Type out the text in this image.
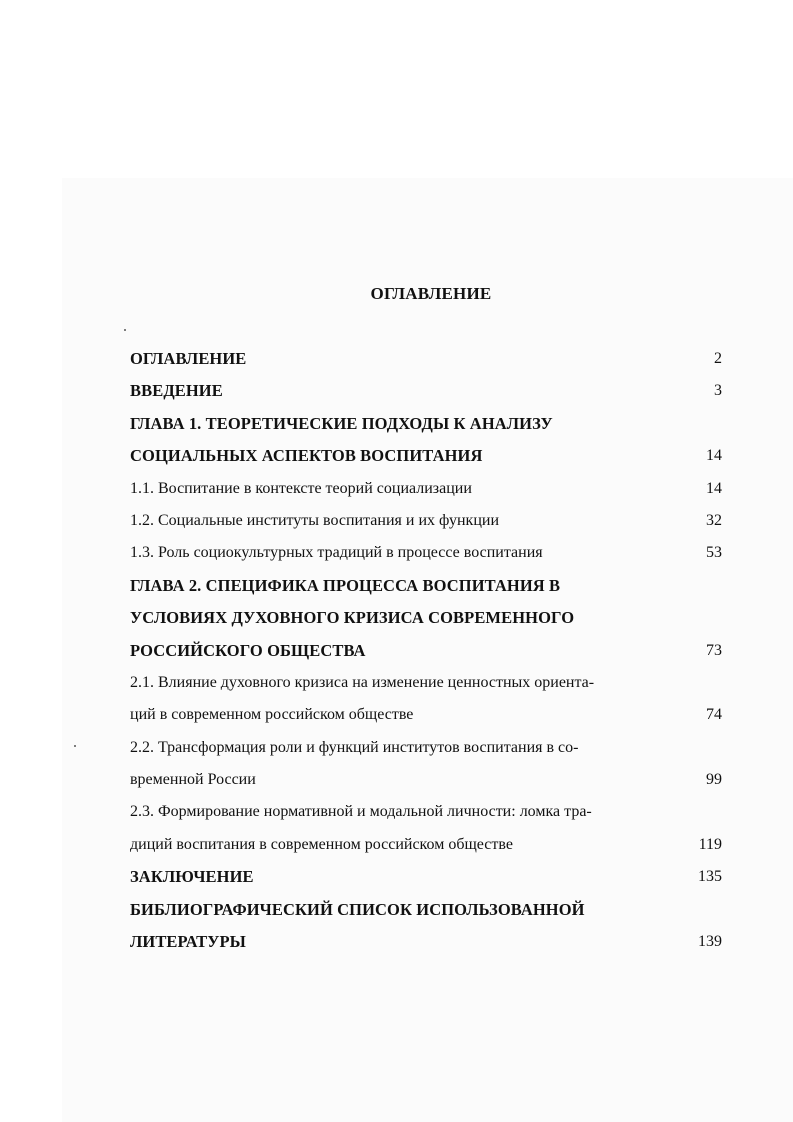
ОГЛАВЛЕНИЕ
ОГЛАВЛЕНИЕ	2
ВВЕДЕНИЕ	3
ГЛАВА 1. ТЕОРЕТИЧЕСКИЕ ПОДХОДЫ К АНАЛИЗУ
СОЦИАЛЬНЫХ АСПЕКТОВ ВОСПИТАНИЯ	14
1.1. Воспитание в контексте теорий социализации	14
1.2. Социальные институты воспитания и их функции	32
1.3. Роль социокультурных традиций в процессе воспитания	53
ГЛАВА 2. СПЕЦИФИКА ПРОЦЕССА ВОСПИТАНИЯ В
УСЛОВИЯХ ДУХОВНОГО КРИЗИСА СОВРЕМЕННОГО
РОССИЙСКОГО ОБЩЕСТВА	73
2.1. Влияние духовного кризиса на изменение ценностных ориента-
ций в современном российском обществе	74
2.2. Трансформация роли и функций институтов воспитания в со-
временной России	99
2.3. Формирование нормативной и модальной личности: ломка тра-
диций воспитания в современном российском обществе	119
ЗАКЛЮЧЕНИЕ	135
БИБЛИОГРАФИЧЕСКИЙ СПИСОК ИСПОЛЬЗОВАННОЙ
ЛИТЕРАТУРЫ	139
